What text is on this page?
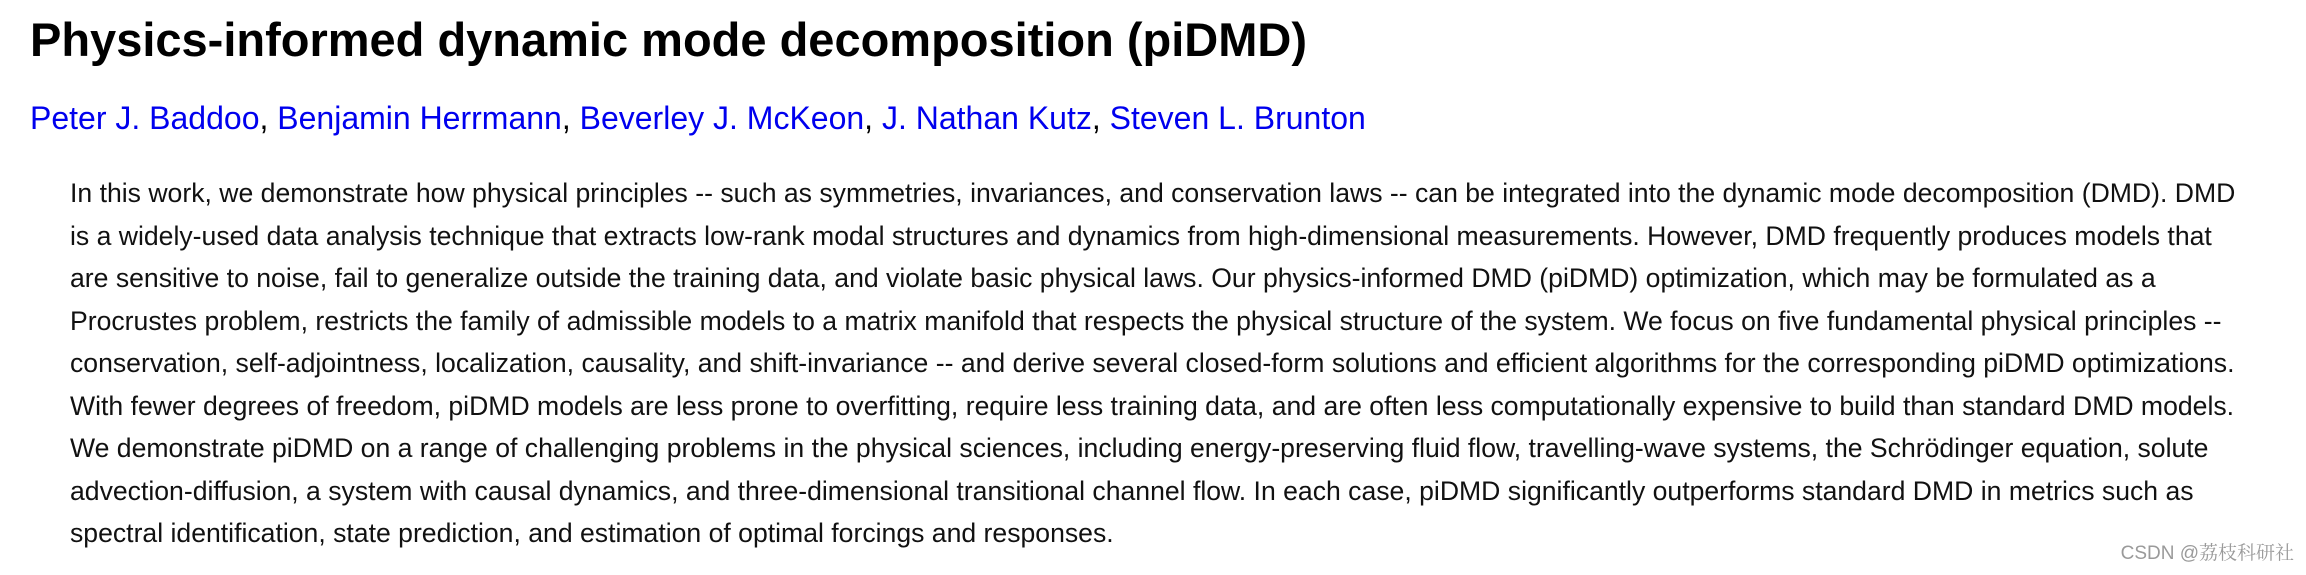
Physics-informed dynamic mode decomposition (piDMD)
Peter J. Baddoo, Benjamin Herrmann, Beverley J. McKeon, J. Nathan Kutz, Steven L. Brunton
In this work, we demonstrate how physical principles -- such as symmetries, invariances, and conservation laws -- can be integrated into the dynamic mode decomposition (DMD). DMD
is a widely-used data analysis technique that extracts low-rank modal structures and dynamics from high-dimensional measurements. However, DMD frequently produces models that
are sensitive to noise, fail to generalize outside the training data, and violate basic physical laws. Our physics-informed DMD (piDMD) optimization, which may be formulated as a
Procrustes problem, restricts the family of admissible models to a matrix manifold that respects the physical structure of the system. We focus on five fundamental physical principles --
conservation, self-adjointness, localization, causality, and shift-invariance -- and derive several closed-form solutions and efficient algorithms for the corresponding piDMD optimizations.
With fewer degrees of freedom, piDMD models are less prone to overfitting, require less training data, and are often less computationally expensive to build than standard DMD models.
We demonstrate piDMD on a range of challenging problems in the physical sciences, including energy-preserving fluid flow, travelling-wave systems, the Schrödinger equation, solute
advection-diffusion, a system with causal dynamics, and three-dimensional transitional channel flow. In each case, piDMD significantly outperforms standard DMD in metrics such as
spectral identification, state prediction, and estimation of optimal forcings and responses.
CSDN @荔枝科研社
